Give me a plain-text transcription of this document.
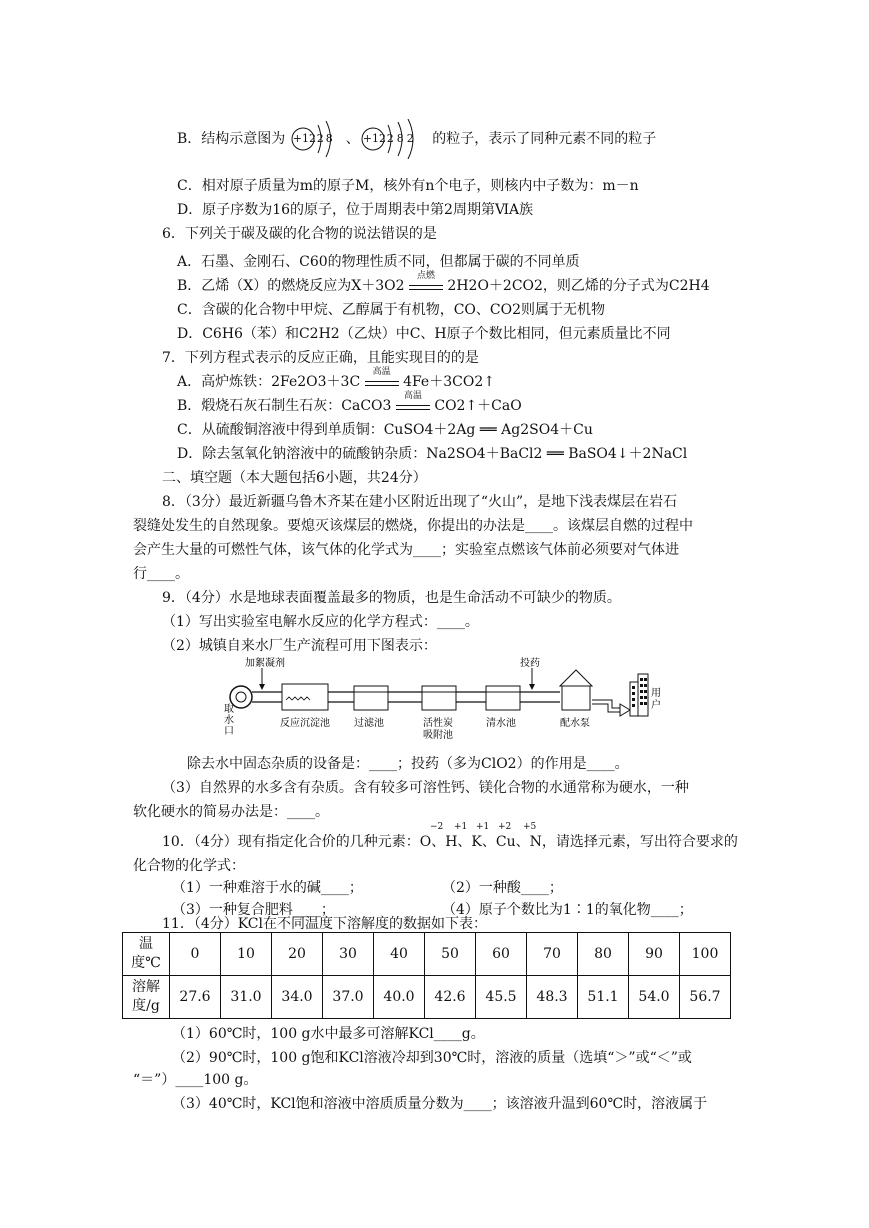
B．结构示意图为 +12 2 8 、 +12 2 8 2 的粒子，表示了同种元素不同的粒子
C．相对原子质量为m的原子M，核外有n个电子，则核内中子数为：m－n
D．原子序数为16的原子，位于周期表中第2周期第ⅥA族
6．下列关于碳及碳的化合物的说法错误的是
A．石墨、金刚石、C60的物理性质不同，但都属于碳的不同单质
B．乙烯（X）的燃烧反应为X＋3O2
点燃
2H2O＋2CO2，则乙烯的分子式为C2H4
C．含碳的化合物中甲烷、乙醇属于有机物，CO、CO2则属于无机物
D．C6H6（苯）和C2H2（乙炔）中C、H原子个数比相同，但元素质量比不同
7．下列方程式表示的反应正确，且能实现目的的是
A．高炉炼铁：2Fe2O3＋3C
高温
4Fe＋3CO2↑
B．煅烧石灰石制生石灰：CaCO3
高温
CO2↑＋CaO
C．从硫酸铜溶液中得到单质铜：CuSO4＋2Ag ══ Ag2SO4＋Cu
D．除去氢氧化钠溶液中的硫酸钠杂质：Na2SO4＋BaCl2 ══ BaSO4↓＋2NaCl
二、填空题（本大题包括6小题，共24分）
8．（3分）最近新疆乌鲁木齐某在建小区附近出现了“火山”，是地下浅表煤层在岩石
裂缝处发生的自然现象。要熄灭该煤层的燃烧，你提出的办法是____。该煤层自燃的过程中
会产生大量的可燃性气体，该气体的化学式为____；实验室点燃该气体前必须要对气体进
行____。
9．（4分）水是地球表面覆盖最多的物质，也是生命活动不可缺少的物质。
（1）写出实验室电解水反应的化学方程式：____。
（2）城镇自来水厂生产流程可用下图表示：
加絮凝剂	投药
取
水
口
反应沉淀池 过滤池	活性炭
吸附池
清水池	配水泵
用
户
除去水中固态杂质的设备是：____；投药（多为ClO2）的作用是____。
（3）自然界的水多含有杂质。含有较多可溶性钙、镁化合物的水通常称为硬水，一种
软化硬水的简易办法是：____。
10．（4分）现有指定化合价的几种元素：O、H、K、Cu、N，请选择元素，写出符合要求的
−2 +1 +1 +2 +5
化合物的化学式：
（1）一种难溶于水的碱____；	（2）一种酸____；
（3）一种复合肥料____；	（4）原子个数比为1∶1的氧化物____；
11．（4分）KCl在不同温度下溶解度的数据如下表：
温
度℃	0	10	20	30	40	50	60	70	80	90	100

溶解
度/g	27.6	31.0	34.0	37.0	40.0	42.6	45.5	48.3	51.1	54.0	56.7
（1）60℃时，100 g水中最多可溶解KCl____g。
（2）90℃时，100 g饱和KCl溶液冷却到30℃时，溶液的质量（选填“＞”或“＜”或
“＝”）____100 g。
（3）40℃时，KCl饱和溶液中溶质质量分数为____；该溶液升温到60℃时，溶液属于
